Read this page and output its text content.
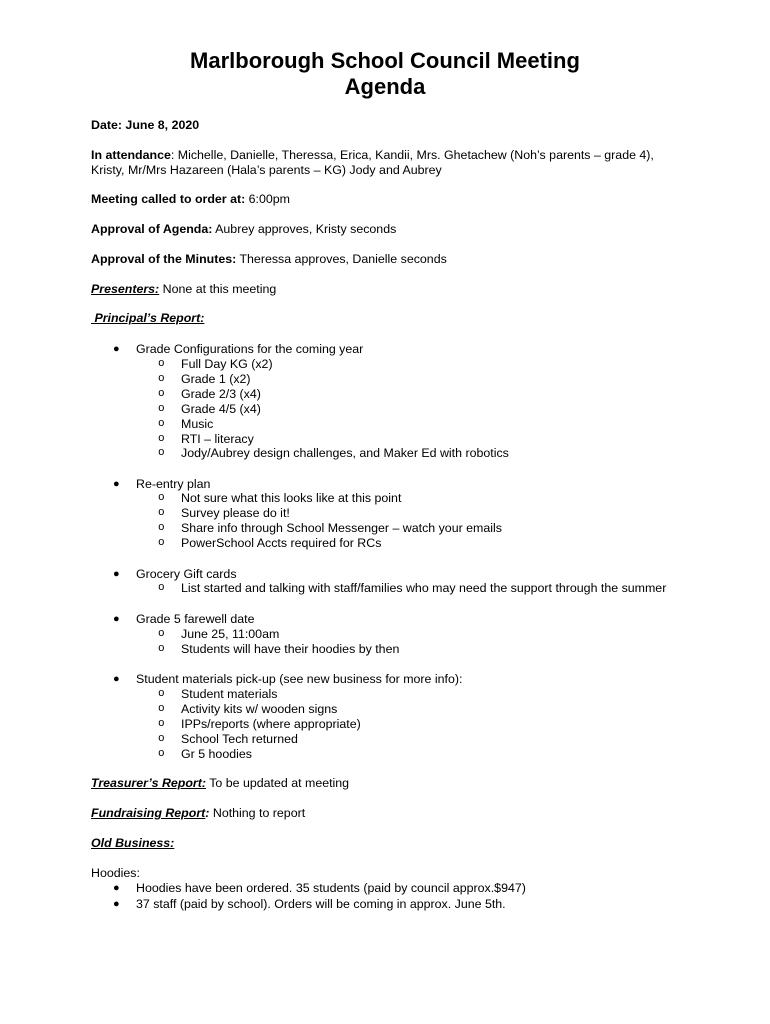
Marlborough School Council Meeting
Agenda
Date: June 8, 2020
In attendance: Michelle, Danielle, Theressa, Erica, Kandii, Mrs. Ghetachew (Noh’s parents – grade 4),
Kristy, Mr/Mrs Hazareen (Hala’s parents – KG) Jody and Aubrey
Meeting called to order at: 6:00pm
Approval of Agenda: Aubrey approves, Kristy seconds
Approval of the Minutes: Theressa approves, Danielle seconds
Presenters: None at this meeting
Principal’s Report:
● Grade Configurations for the coming year
o Full Day KG (x2)
o Grade 1 (x2)
o Grade 2/3 (x4)
o Grade 4/5 (x4)
o Music
o RTI – literacy
o Jody/Aubrey design challenges, and Maker Ed with robotics
● Re-entry plan
o Not sure what this looks like at this point
o Survey please do it!
o Share info through School Messenger – watch your emails
o PowerSchool Accts required for RCs
● Grocery Gift cards
o List started and talking with staff/families who may need the support through the summer
● Grade 5 farewell date
o June 25, 11:00am
o Students will have their hoodies by then
● Student materials pick-up (see new business for more info):
o Student materials
o Activity kits w/ wooden signs
o IPPs/reports (where appropriate)
o School Tech returned
o Gr 5 hoodies
Treasurer’s Report: To be updated at meeting
Fundraising Report: Nothing to report
Old Business:
Hoodies:
● Hoodies have been ordered. 35 students (paid by council approx.$947)
● 37 staff (paid by school). Orders will be coming in approx. June 5th.
